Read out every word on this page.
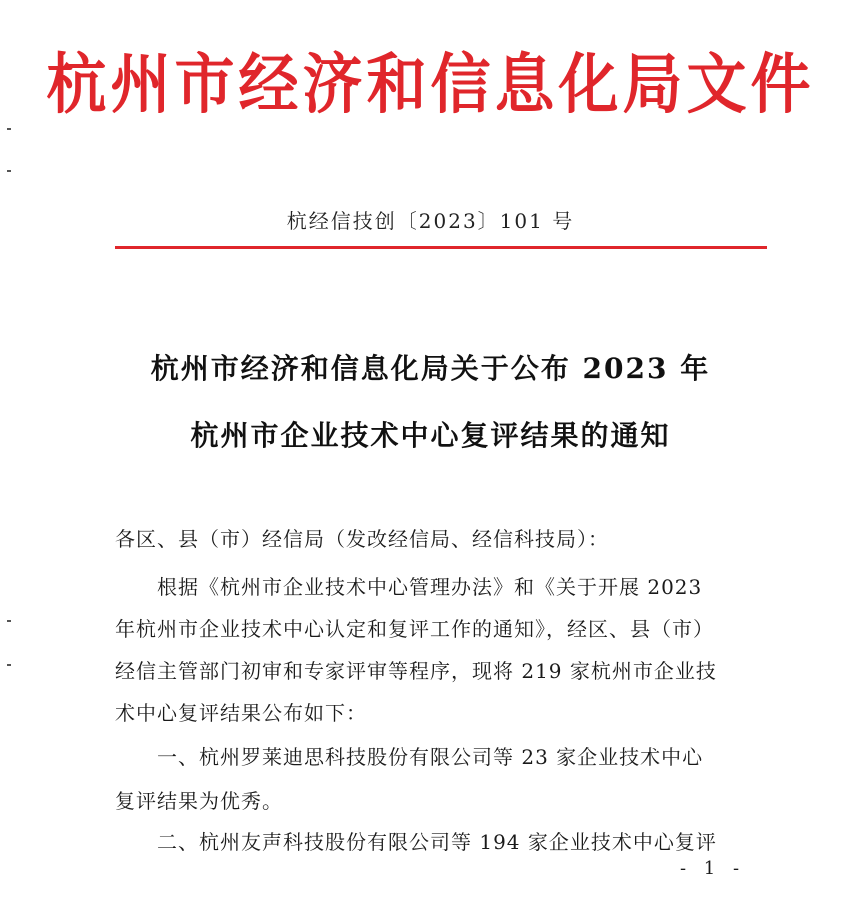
杭州市经济和信息化局文件
杭经信技创〔2023〕101 号
杭州市经济和信息化局关于公布 2023 年
杭州市企业技术中心复评结果的通知
各区、县（市）经信局（发改经信局、经信科技局）：
根据《杭州市企业技术中心管理办法》和《关于开展 2023
年杭州市企业技术中心认定和复评工作的通知》，经区、县（市）
经信主管部门初审和专家评审等程序，现将 219 家杭州市企业技
术中心复评结果公布如下：
一、杭州罗莱迪思科技股份有限公司等 23 家企业技术中心
复评结果为优秀。
二、杭州友声科技股份有限公司等 194 家企业技术中心复评
- 1 -
